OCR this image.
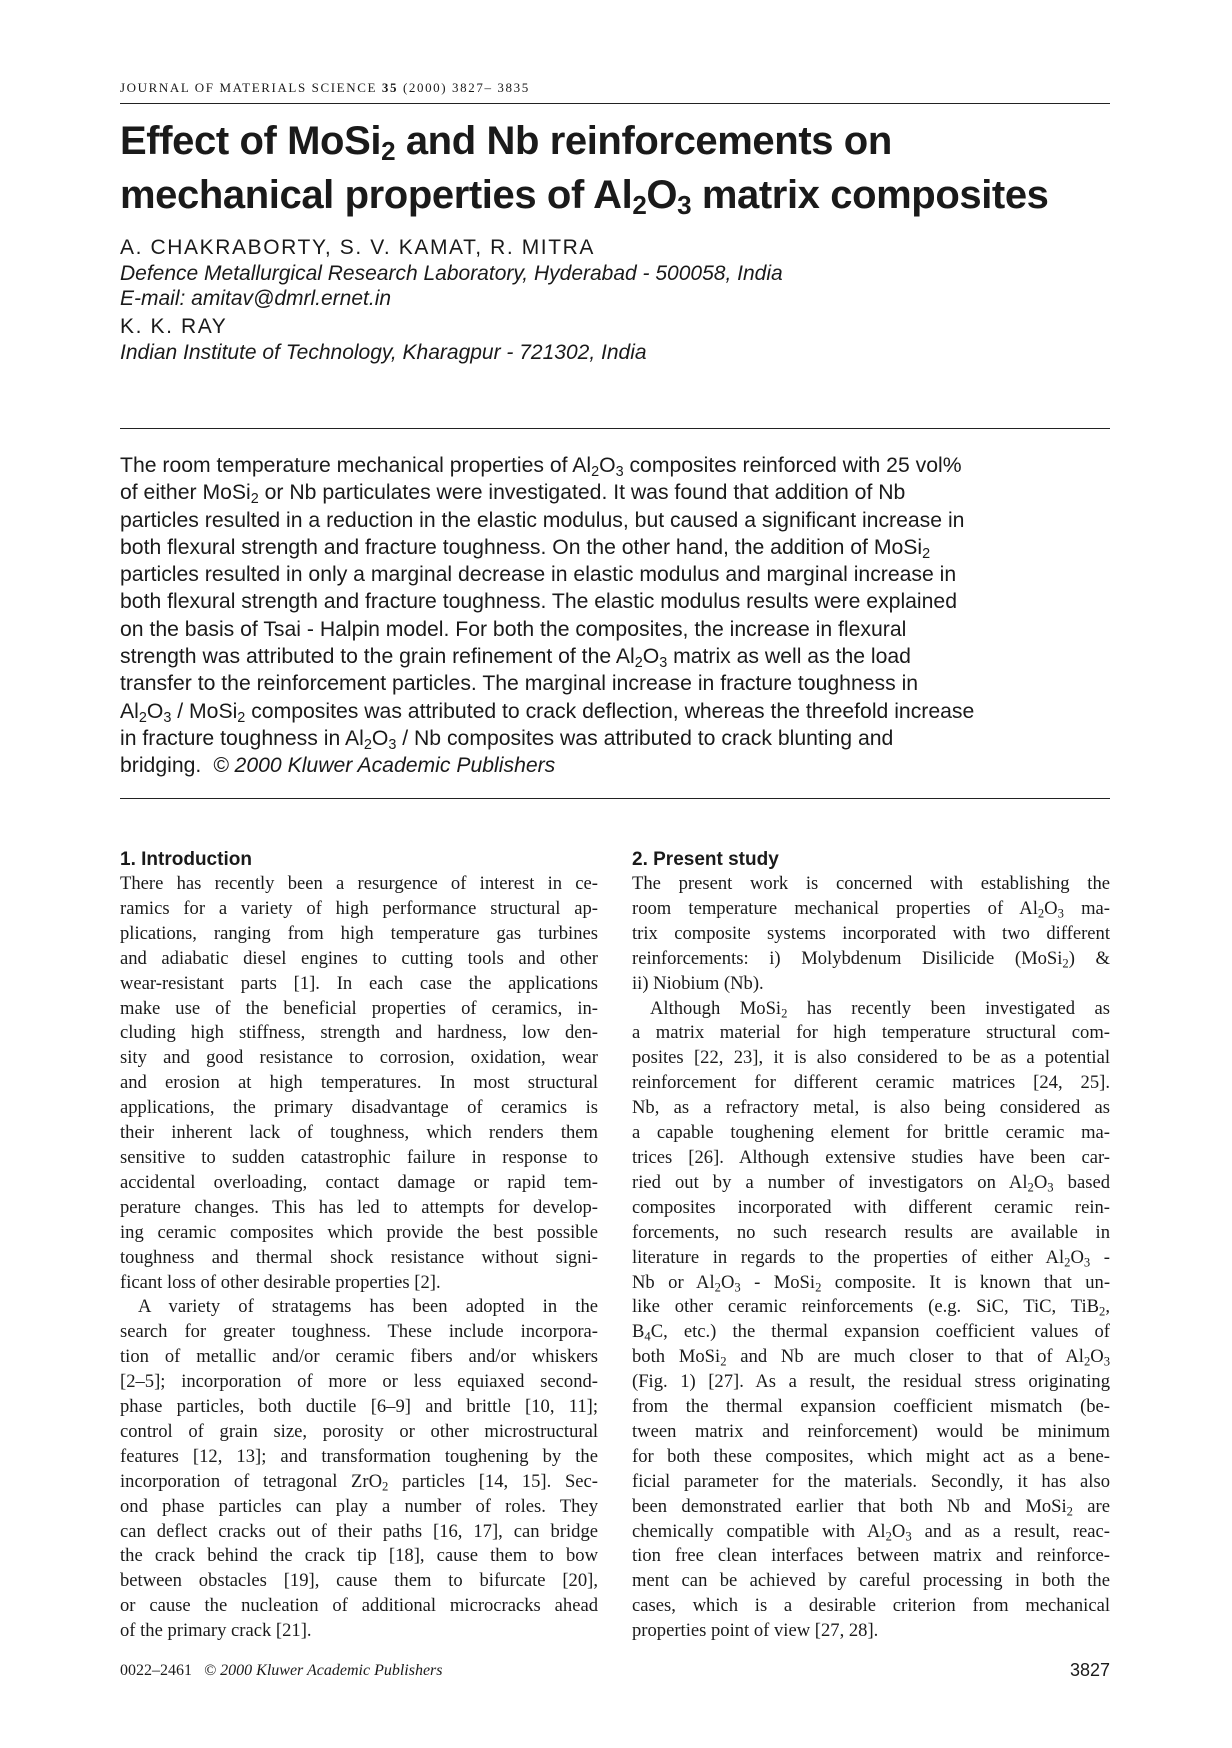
JOURNAL OF MATERIALS SCIENCE 35 (2000) 3827– 3835
Effect of MoSi$_2$ and Nb reinforcements on
mechanical properties of $Al_2O_3$ matrix composites
A. CHAKRABORTY, S. V. KAMAT, R. MITRA
Defence Metallurgical Research Laboratory, Hyderabad - 500058, India
E-mail: amitav@dmrl.ernet.in
K. K. RAY
Indian Institute of Technology, Kharagpur - 721302, India

The room temperature mechanical properties of $Al_2O_3$ composites reinforced with 25 vol%

of either MoSi$_2$ or Nb particulates were investigated. It was found that addition of Nb

particles resulted in a reduction in the elastic modulus, but caused a significant increase in

both flexural strength and fracture toughness. On the other hand, the addition of MoSi$_2$

particles resulted in only a marginal decrease in elastic modulus and marginal increase in

both flexural strength and fracture toughness. The elastic modulus results were explained

on the basis of Tsai - Halpin model. For both the composites, the increase in flexural

strength was attributed to the grain refinement of the $Al_2O_3$ matrix as well as the load

transfer to the reinforcement particles. The marginal increase in fracture toughness in

$Al_2O_3$ / MoSi$_2$ composites was attributed to crack deflection, whereas the threefold increase

in fracture toughness in $Al_2O_3$ / Nb composites was attributed to crack blunting and

bridging. © 2000 Kluwer Academic Publishers

1. Introduction
There has recently been a resurgence of interest in ce-
ramics for a variety of high performance structural ap-
plications, ranging from high temperature gas turbines
and adiabatic diesel engines to cutting tools and other
wear-resistant parts [1]. In each case the applications
make use of the beneficial properties of ceramics, in-
cluding high stiffness, strength and hardness, low den-
sity and good resistance to corrosion, oxidation, wear
and erosion at high temperatures. In most structural
applications, the primary disadvantage of ceramics is
their inherent lack of toughness, which renders them
sensitive to sudden catastrophic failure in response to
accidental overloading, contact damage or rapid tem-
perature changes. This has led to attempts for develop-
ing ceramic composites which provide the best possible
toughness and thermal shock resistance without signi-
ficant loss of other desirable properties [2].
A variety of stratagems has been adopted in the
search for greater toughness. These include incorpora-
tion of metallic and/or ceramic fibers and/or whiskers
[2–5]; incorporation of more or less equiaxed second-
phase particles, both ductile [6–9] and brittle [10, 11];
control of grain size, porosity or other microstructural
features [12, 13]; and transformation toughening by the
incorporation of tetragonal ZrO$_2$ particles [14, 15]. Sec-
ond phase particles can play a number of roles. They
can deflect cracks out of their paths [16, 17], can bridge
the crack behind the crack tip [18], cause them to bow
between obstacles [19], cause them to bifurcate [20],
or cause the nucleation of additional microcracks ahead
of the primary crack [21].
2. Present study
The present work is concerned with establishing the
room temperature mechanical properties of $Al_2O_3$ ma-
trix composite systems incorporated with two different
reinforcements: i) Molybdenum Disilicide (MoSi$_2$) &
ii) Niobium (Nb).
Although MoSi$_2$ has recently been investigated as
a matrix material for high temperature structural com-
posites [22, 23], it is also considered to be as a potential
reinforcement for different ceramic matrices [24, 25].
Nb, as a refractory metal, is also being considered as
a capable toughening element for brittle ceramic ma-
trices [26]. Although extensive studies have been car-
ried out by a number of investigators on $Al_2O_3$ based
composites incorporated with different ceramic rein-
forcements, no such research results are available in
literature in regards to the properties of either $Al_2O_3$ -
Nb or $Al_2O_3$ - MoSi$_2$ composite. It is known that un-
like other ceramic reinforcements (e.g. SiC, TiC, TiB$_2$,
$B_4C$, etc.) the thermal expansion coefficient values of
both MoSi$_2$ and Nb are much closer to that of $Al_2O_3$
(Fig. 1) [27]. As a result, the residual stress originating
from the thermal expansion coefficient mismatch (be-
tween matrix and reinforcement) would be minimum
for both these composites, which might act as a bene-
ficial parameter for the materials. Secondly, it has also
been demonstrated earlier that both Nb and MoSi$_2$ are
chemically compatible with $Al_2O_3$ and as a result, reac-
tion free clean interfaces between matrix and reinforce-
ment can be achieved by careful processing in both the
cases, which is a desirable criterion from mechanical
properties point of view [27, 28].
0022–2461 © 2000 Kluwer Academic Publishers	3827
